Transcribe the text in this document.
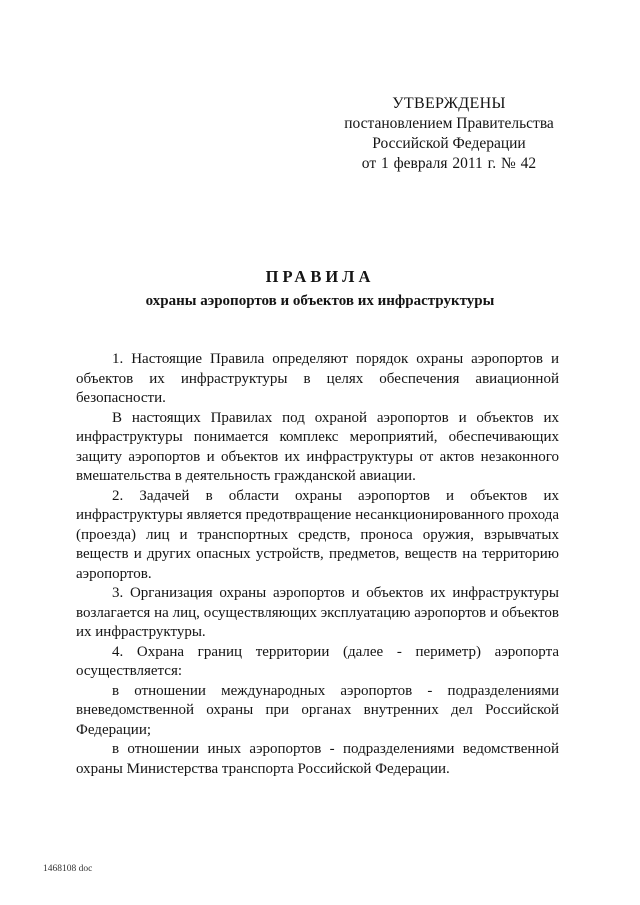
УТВЕРЖДЕНЫ
постановлением Правительства
Российской Федерации
от 1 февраля 2011 г. № 42
ПРАВИЛА
охраны аэропортов и объектов их инфраструктуры

1. Настоящие Правила определяют порядок охраны аэропортов и объектов их инфраструктуры в целях обеспечения авиационной безопасности.

В настоящих Правилах под охраной аэропортов и объектов их инфраструктуры понимается комплекс мероприятий, обеспечивающих защиту аэропортов и объектов их инфраструктуры от актов незаконного вмешательства в деятельность гражданской авиации.

2. Задачей в области охраны аэропортов и объектов их инфраструктуры является предотвращение несанкционированного прохода (проезда) лиц и транспортных средств, проноса оружия, взрывчатых веществ и других опасных устройств, предметов, веществ на территорию аэропортов.

3. Организация охраны аэропортов и объектов их инфраструктуры возлагается на лиц, осуществляющих эксплуатацию аэропортов и объектов их инфраструктуры.

4. Охрана границ территории (далее - периметр) аэропорта осуществляется:

в отношении международных аэропортов - подразделениями вневедомственной охраны при органах внутренних дел Российской Федерации;

в отношении иных аэропортов - подразделениями ведомственной охраны Министерства транспорта Российской Федерации.

1468108 doc
